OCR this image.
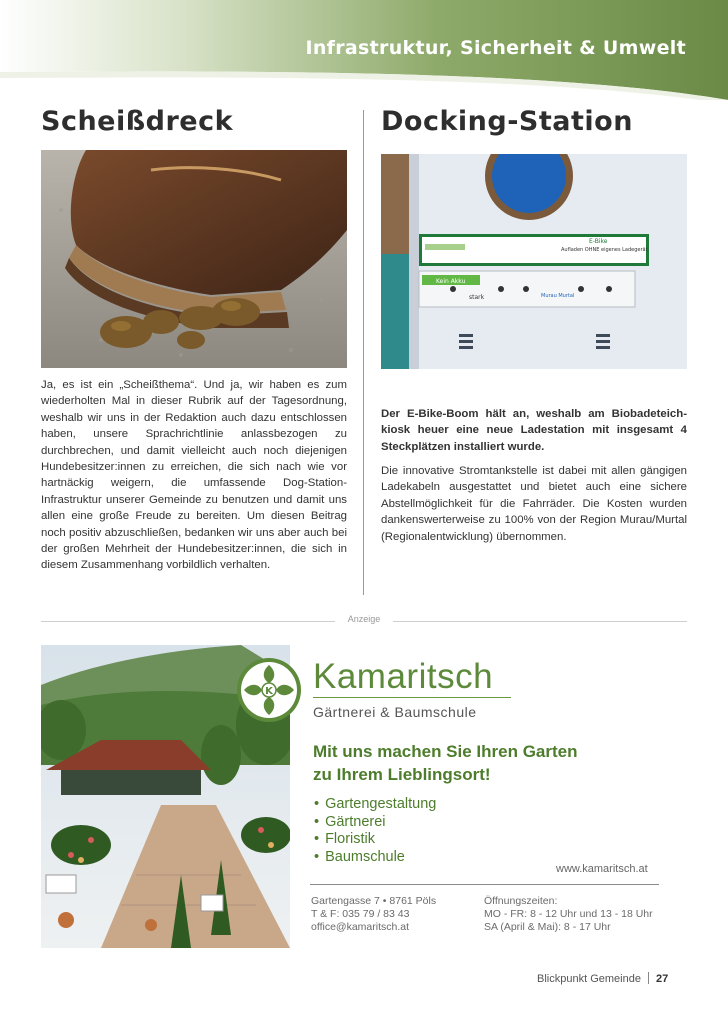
Infrastruktur, Sicherheit & Umwelt
Scheißdreck
Ja, es ist ein „Scheißthema“. Und ja, wir haben es zum wiederholten Mal in dieser Rubrik auf der Tagesordnung, weshalb wir uns in der Redaktion auch dazu entschlossen haben, unsere Sprachrichtlinie anlassbezogen zu durchbrechen, und damit vielleicht auch noch diejenigen Hundebesitzer:innen zu erreichen, die sich nach wie vor hartnäckig weigern, die umfassende Dog-Station-Infrastruktur unserer Gemeinde zu benutzen und damit uns allen eine große Freude zu bereiten. Um diesen Beitrag noch positiv abzuschließen, bedanken wir uns aber auch bei der großen Mehrheit der Hundebesitzer:innen, die sich in diesem Zusammenhang vorbildlich verhalten.
Docking-Station
E-Bike
Aufladen OHNE eigenes Ladegerät
Kein Akku
stark	Murau Murtal
Der E-Bike-Boom hält an, weshalb am Biobadeteich-kiosk heuer eine neue Ladestation mit insgesamt 4 Steckplätzen installiert wurde.
Die innovative Stromtankstelle ist dabei mit allen gängigen Ladekabeln ausgestattet und bietet auch eine sichere Abstellmöglichkeit für die Fahrräder. Die Kosten wurden dankenswerterweise zu 100% von der Region Murau/Murtal (Regionalentwicklung) übernommen.
Anzeige
K Kamaritsch
Gärtnerei & Baumschule
Mit uns machen Sie Ihren Garten
zu Ihrem Lieblingsort!
• Gartengestaltung
• Gärtnerei
• Floristik
• Baumschule
www.kamaritsch.at
Gartengasse 7 • 8761 Pöls
T & F: 035 79 / 83 43
office@kamaritsch.at
Öffnungszeiten:
MO - FR: 8 - 12 Uhr und 13 - 18 Uhr
SA (April & Mai): 8 - 17 Uhr
Blickpunkt Gemeinde 27
